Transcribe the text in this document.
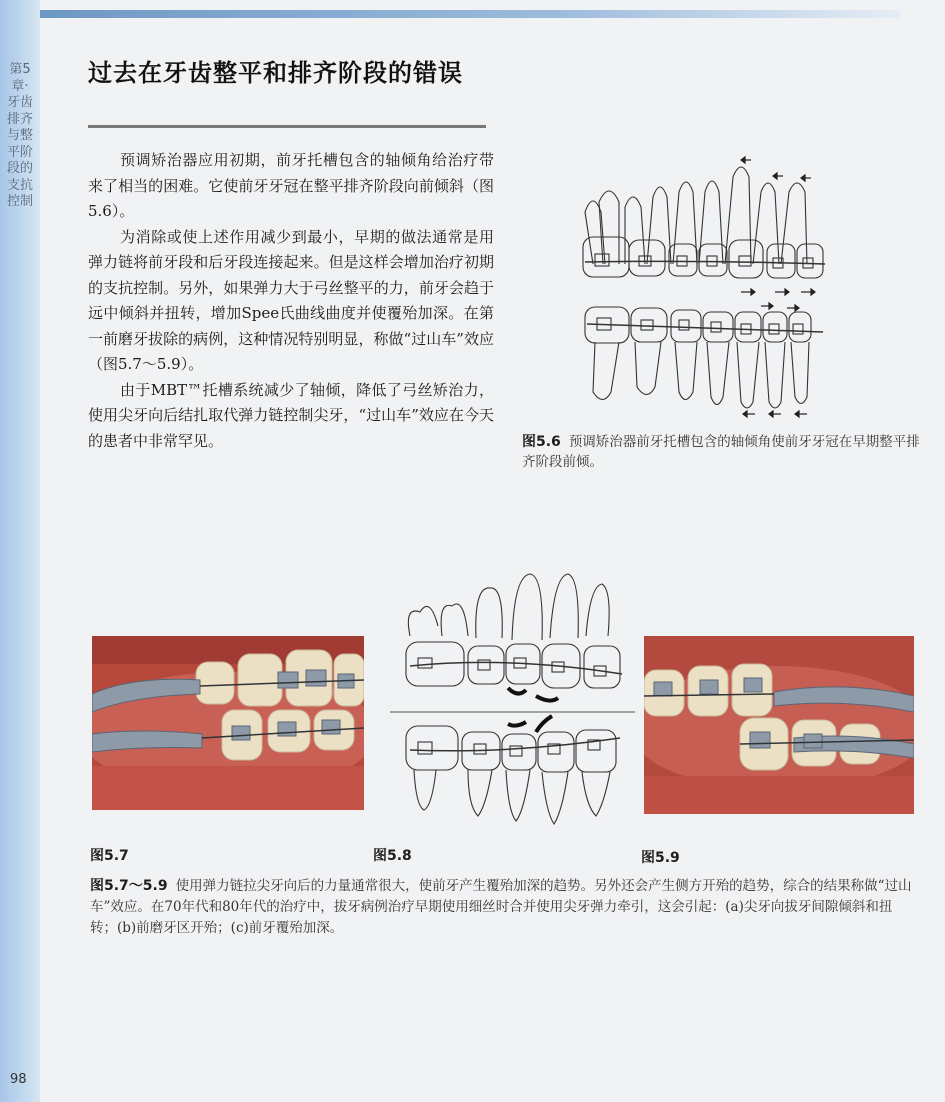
第5章·牙齿排齐与整平阶段的支抗控制
98
过去在牙齿整平和排齐阶段的错误

预调矫治器应用初期，前牙托槽包含的轴倾角给治疗带来了相当的困难。它使前牙牙冠在整平排齐阶段向前倾斜（图5.6）。

为消除或使上述作用减少到最小，早期的做法通常是用弹力链将前牙段和后牙段连接起来。但是这样会增加治疗初期的支抗控制。另外，如果弹力大于弓丝整平的力，前牙会趋于远中倾斜并扭转，增加Spee氏曲线曲度并使覆殆加深。在第一前磨牙拔除的病例，这种情况特别明显，称做“过山车”效应（图5.7～5.9）。

由于MBT™托槽系统减少了轴倾，降低了弓丝矫治力，使用尖牙向后结扎取代弹力链控制尖牙，“过山车”效应在今天的患者中非常罕见。	图5.6 预调矫治器前牙托槽包含的轴倾角使前牙牙冠在早期整平排齐阶段前倾。
图5.7	图5.8	图5.9
图5.7～5.9 使用弹力链拉尖牙向后的力量通常很大，使前牙产生覆殆加深的趋势。另外还会产生侧方开殆的趋势，综合的结果称做“过山车”效应。在70年代和80年代的治疗中，拔牙病例治疗早期使用细丝时合并使用尖牙弹力牵引，这会引起：(a)尖牙向拔牙间隙倾斜和扭转；(b)前磨牙区开殆；(c)前牙覆殆加深。
